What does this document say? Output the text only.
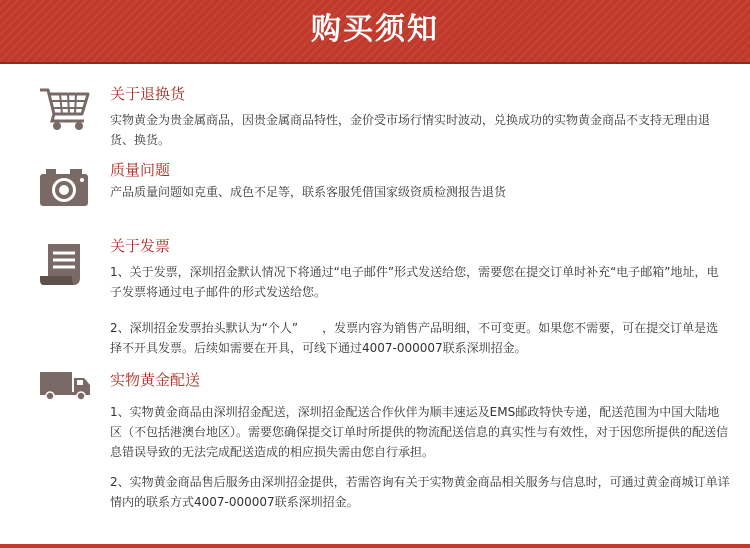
购买须知
关于退换货
实物黄金为贵金属商品，因贵金属商品特性，金价受市场行情实时波动，兑换成功的实物黄金商品不支持无理由退货、换货。
质量问题
产品质量问题如克重、成色不足等，联系客服凭借国家级资质检测报告退货
关于发票
1、关于发票，深圳招金默认情况下将通过“电子邮件”形式发送给您，需要您在提交订单时补充“电子邮箱”地址，电子发票将通过电子邮件的形式发送给您。
2、深圳招金发票抬头默认为“个人”　　，发票内容为销售产品明细，不可变更。如果您不需要，可在提交订单是选择不开具发票。后续如需要在开具，可线下通过4007-000007联系深圳招金。
实物黄金配送
1、实物黄金商品由深圳招金配送，深圳招金配送合作伙伴为顺丰速运及EMS邮政特快专递，配送范围为中国大陆地区（不包括港澳台地区）。需要您确保提交订单时所提供的物流配送信息的真实性与有效性，对于因您所提供的配送信息错误导致的无法完成配送造成的相应损失需由您自行承担。
2、实物黄金商品售后服务由深圳招金提供，若需咨询有关于实物黄金商品相关服务与信息时，可通过黄金商城订单详情内的联系方式4007-000007联系深圳招金。
